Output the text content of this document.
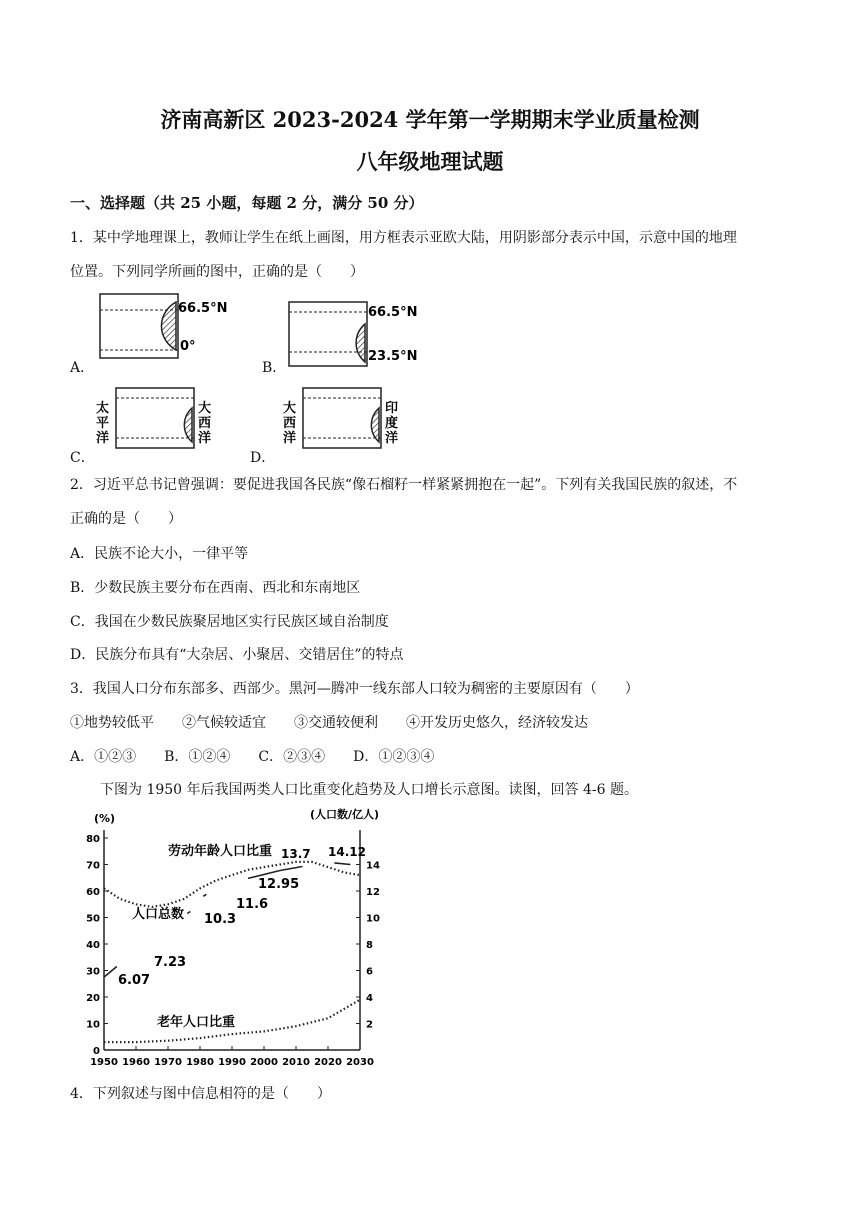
济南高新区 2023-2024 学年第一学期期末学业质量检测
八年级地理试题
一、选择题（共 25 小题，每题 2 分，满分 50 分）
1．某中学地理课上，教师让学生在纸上画图，用方框表示亚欧大陆，用阴影部分表示中国，示意中国的地理
位置。下列同学所画的图中，正确的是（　　）
A．
66.5°N
0°
B．
66.5°N
23.5°N
C．
太
平
洋
大
西
洋
D．
大
西
洋
印
度
洋
2．习近平总书记曾强调：要促进我国各民族“像石榴籽一样紧紧拥抱在一起”。下列有关我国民族的叙述，不
正确的是（　　）
A．民族不论大小，一律平等
B．少数民族主要分布在西南、西北和东南地区
C．我国在少数民族聚居地区实行民族区域自治制度
D．民族分布具有“大杂居、小聚居、交错居住”的特点
3．我国人口分布东部多、西部少。黑河—腾冲一线东部人口较为稠密的主要原因有（　　）
①地势较低平　　②气候较适宜　　③交通较便利　　④开发历史悠久，经济较发达
A．①②③　　B．①②④　　C．②③④　　D．①②③④
下图为 1950 年后我国两类人口比重变化趋势及人口增长示意图。读图，回答 4-6 题。
(%)	(人口数/亿人)
0
10
20
30
40
50
60
70
80
2
4
6
8
10
12
14
1950 1960 1970 1980 1990 2000 2010 2020 2030
劳动年龄人口比重
人口总数
老年人口比重
6.07
7.23
10.3
11.6
12.95
13.7 14.12
4．下列叙述与图中信息相符的是（　　）
